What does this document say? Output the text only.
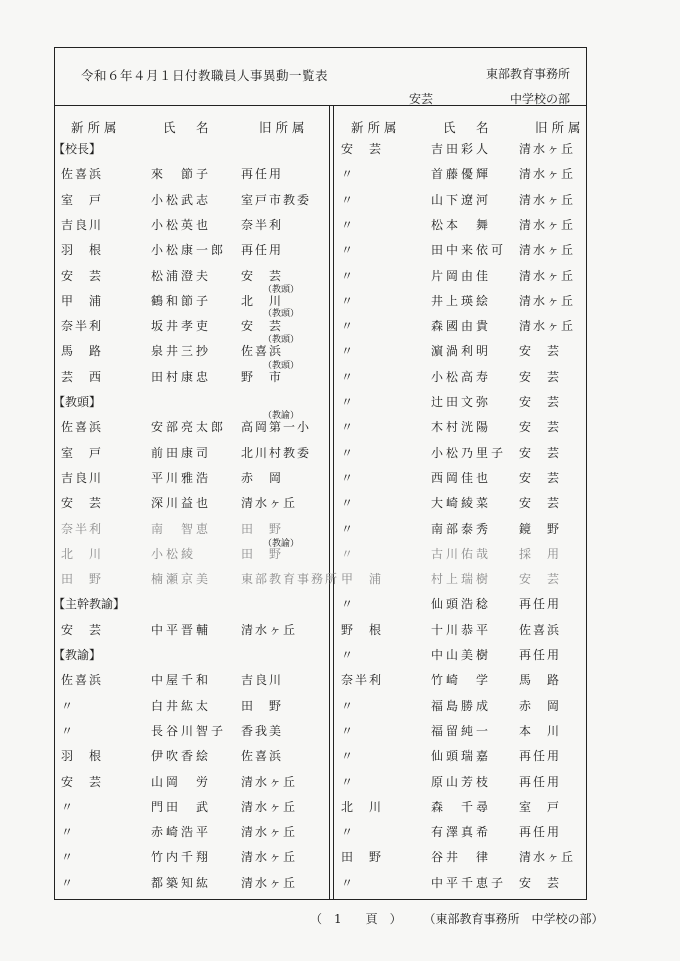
令和６年４月１日付教職員人事異動一覧表	東部教育事務所
安芸	中学校の部
新所属	氏　名	旧所属	新所属	氏　名	旧所属
【校長】
佐喜浜	來　節子 再任用
室　戸	小松武志 室戸市教委
吉良川	小松英也 奈半利
羽　根	小松康一郎 再任用
安　芸	松浦澄夫 安　芸
甲　浦	鶴和節子 北　川
奈半利	坂井孝吏 安　芸
馬　路	泉井三抄 佐喜浜
芸　西	田村康忠 野　市
【教頭】
佐喜浜	安部亮太郎 高岡第一小
室　戸	前田康司 北川村教委
吉良川	平川雅浩 赤　岡
安　芸	深川益也 清水ヶ丘
奈半利	南　智恵 田　野
北　川	小松綾	田　野
田　野	楠瀬京美 東部教育事務所
【主幹教諭】
安　芸	中平晋輔 清水ヶ丘
【教諭】
佐喜浜	中屋千和 吉良川
〃	白井紘太 田　野
〃	長谷川智子 香我美
羽　根	伊吹香絵 佐喜浜
安　芸	山岡　労 清水ヶ丘
〃	門田　武 清水ヶ丘
〃	赤崎浩平 清水ヶ丘
〃	竹内千翔 清水ヶ丘
〃	都築知紘 清水ヶ丘
安　芸	吉田彩人 清水ヶ丘
〃	首藤優輝 清水ヶ丘
〃	山下遼河 清水ヶ丘
〃	松本　舞 清水ヶ丘
〃	田中来依可 清水ヶ丘
〃	片岡由佳 清水ヶ丘
〃	井上瑛絵 清水ヶ丘
〃	森國由貴 清水ヶ丘
〃	濵渦利明 安　芸
〃	小松高寿 安　芸
〃	辻田文弥 安　芸
〃	木村洸陽 安　芸
〃	小松乃里子 安　芸
〃	西岡佳也 安　芸
〃	大崎綾菜 安　芸
〃	南部泰秀 鏡　野
〃	古川佑哉 採　用
甲　浦	村上瑞樹 安　芸
〃	仙頭浩稔 再任用
野　根	十川恭平 佐喜浜
〃	中山美樹 再任用
奈半利	竹崎　学 馬　路
〃	福島勝成 赤　岡
〃	福留純一 本　川
〃	仙頭瑞嘉 再任用
〃	原山芳枝 再任用
北　川	森　千尋 室　戸
〃	有澤真希 再任用
田　野	谷井　律 清水ヶ丘
〃	中平千恵子 安　芸
（教頭）
（教頭）
（教頭）
（教頭）
（教諭）
（教諭）
（　1　　頁　） （東部教育事務所　中学校の部）
